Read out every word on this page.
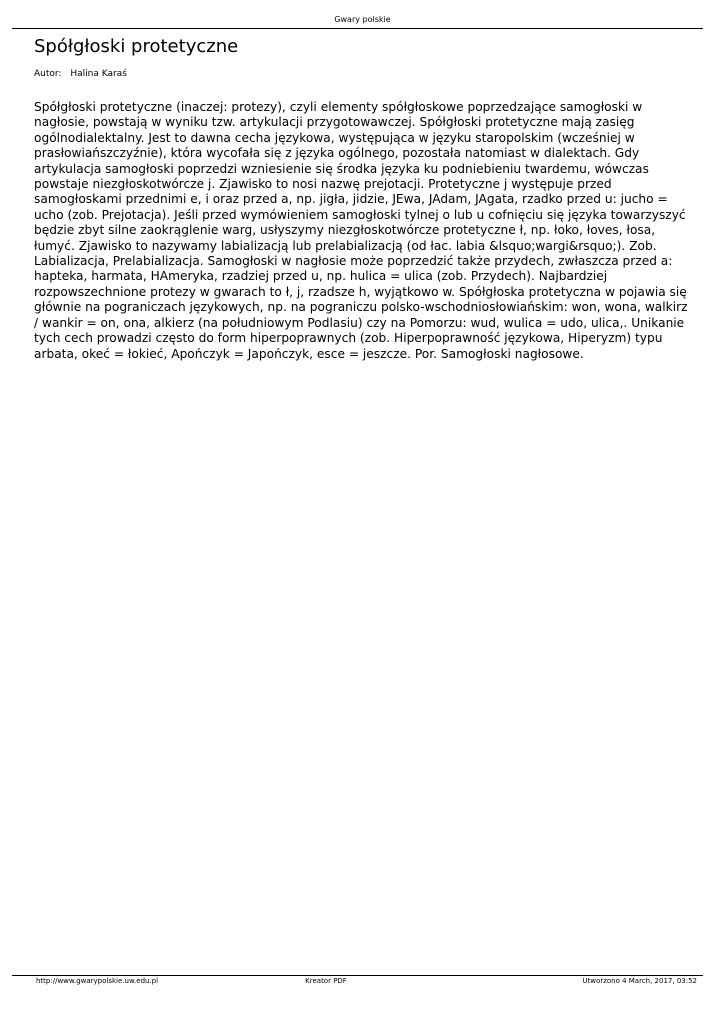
Gwary polskie
Spółgłoski protetyczne
Autor: Halina Karaś

Spółgłoski protetyczne (inaczej: protezy), czyli elementy spółgłoskowe poprzedzające samogłoski w nagłosie, powstają w wyniku tzw. artykulacji przygotowawczej. Spółgłoski protetyczne mają zasięg ogólnodialektalny. Jest to dawna cecha językowa, występująca w języku staropolskim (wcześniej w prasłowiańszczyźnie), która wycofała się z języka ogólnego, pozostała natomiast w dialektach. Gdy artykulacja samogłoski poprzedzi wzniesienie się środka języka ku podniebieniu twardemu, wówczas powstaje niezgłoskotwórcze j. Zjawisko to nosi nazwę prejotacji. Protetyczne j występuje przed samogłoskami przednimi e, i oraz przed a, np. jigła, jidzie, JEwa, JAdam, JAgata, rzadko przed u: jucho = ucho (zob. Prejotacja). Jeśli przed wymówieniem samogłoski tylnej o lub u cofnięciu się języka towarzyszyć będzie zbyt silne zaokrąglenie warg, usłyszymy niezgłoskotwórcze protetyczne ł, np. łoko, łoves, łosa, łumyć. Zjawisko to nazywamy labializacją lub prelabializacją (od łac. labia &lsquo;wargi&rsquo;). Zob. Labializacja, Prelabializacja. Samogłoski w nagłosie może poprzedzić także przydech, zwłaszcza przed a: hapteka, harmata, HAmeryka, rzadziej przed u, np. hulica = ulica (zob. Przydech). Najbardziej rozpowszechnione protezy w gwarach to ł, j, rzadsze h, wyjątkowo w. Spółgłoska protetyczna w pojawia się głównie na pograniczach językowych, np. na pograniczu polsko-wschodniosłowiańskim: won, wona, walkirz / wankir = on, ona, alkierz (na południowym Podlasiu) czy na Pomorzu: wud, wulica = udo, ulica,. Unikanie tych cech prowadzi często do form hiperpoprawnych (zob. Hiperpoprawność językowa, Hiperyzm) typu arbata, okeć = łokieć, Apończyk = Japończyk, esce = jeszcze. Por. Samogłoski nagłosowe.

http://www.gwarypolskie.uw.edu.pl	Kreator PDF	Utworzono 4 March, 2017, 03:52
